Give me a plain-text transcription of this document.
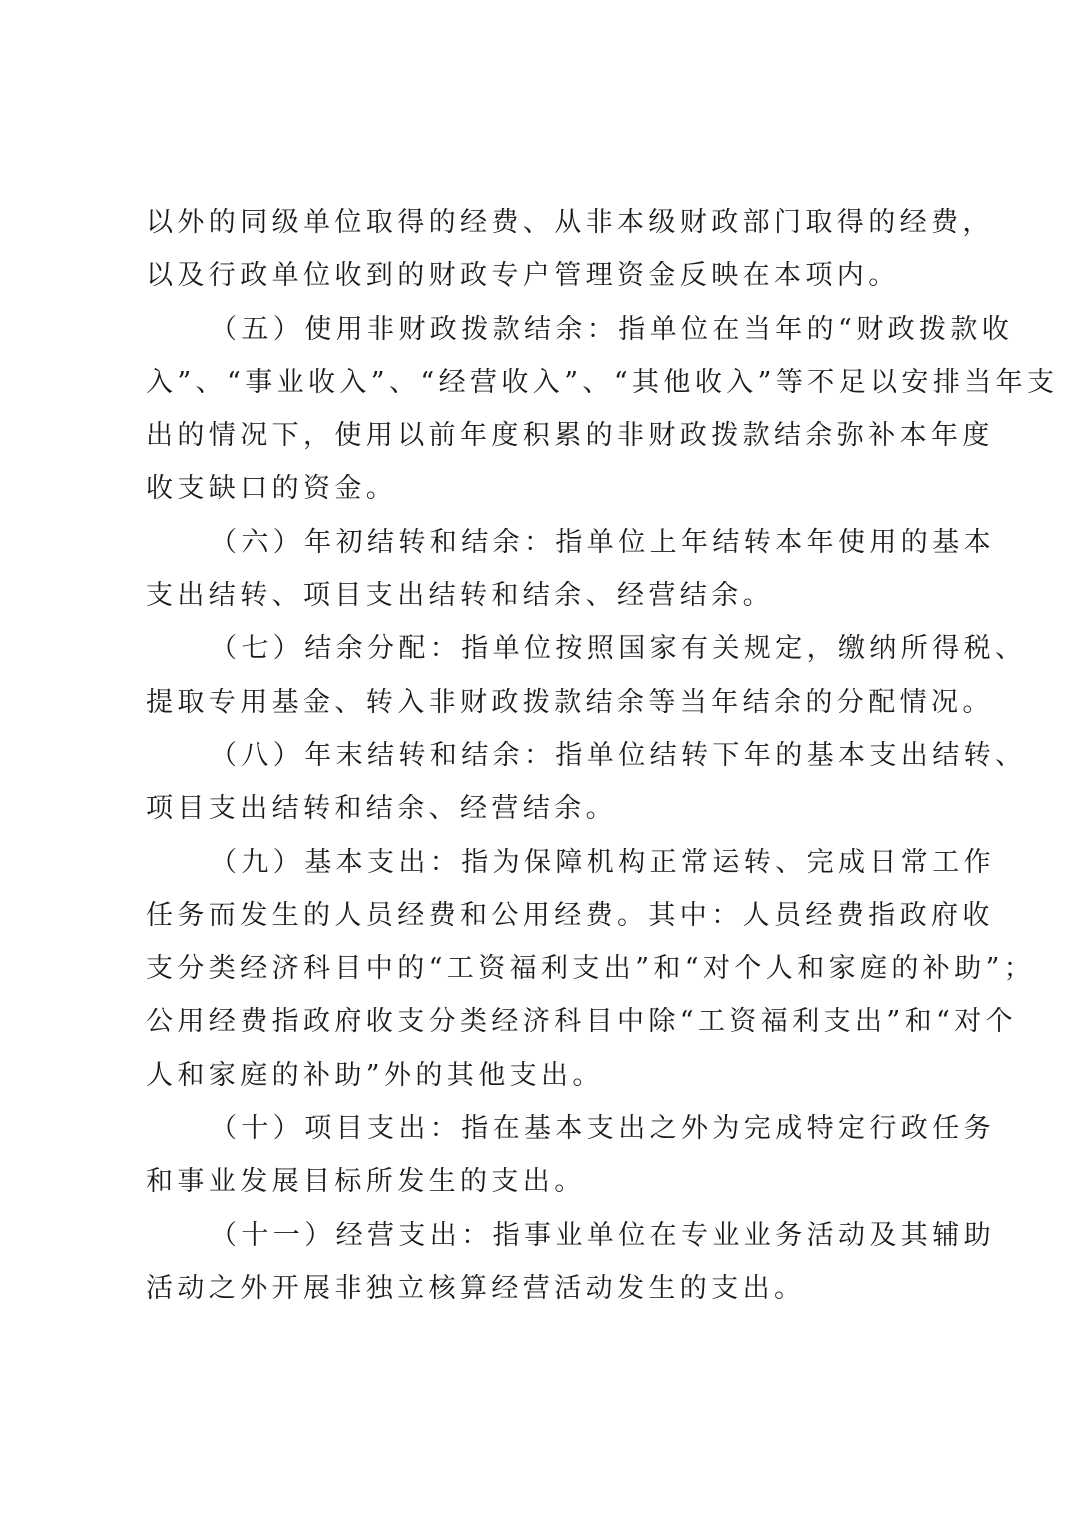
以外的同级单位取得的经费、从非本级财政部门取得的经费，
以及行政单位收到的财政专户管理资金反映在本项内。
（五）使用非财政拨款结余：指单位在当年的“财政拨款收
入”、“事业收入”、“经营收入”、“其他收入”等不足以安排当年支
出的情况下，使用以前年度积累的非财政拨款结余弥补本年度
收支缺口的资金。
（六）年初结转和结余：指单位上年结转本年使用的基本
支出结转、项目支出结转和结余、经营结余。
（七）结余分配：指单位按照国家有关规定，缴纳所得税、
提取专用基金、转入非财政拨款结余等当年结余的分配情况。
（八）年末结转和结余：指单位结转下年的基本支出结转、
项目支出结转和结余、经营结余。
（九）基本支出：指为保障机构正常运转、完成日常工作
任务而发生的人员经费和公用经费。其中：人员经费指政府收
支分类经济科目中的“工资福利支出”和“对个人和家庭的补助”；
公用经费指政府收支分类经济科目中除“工资福利支出”和“对个
人和家庭的补助”外的其他支出。
（十）项目支出：指在基本支出之外为完成特定行政任务
和事业发展目标所发生的支出。
（十一）经营支出：指事业单位在专业业务活动及其辅助
活动之外开展非独立核算经营活动发生的支出。
